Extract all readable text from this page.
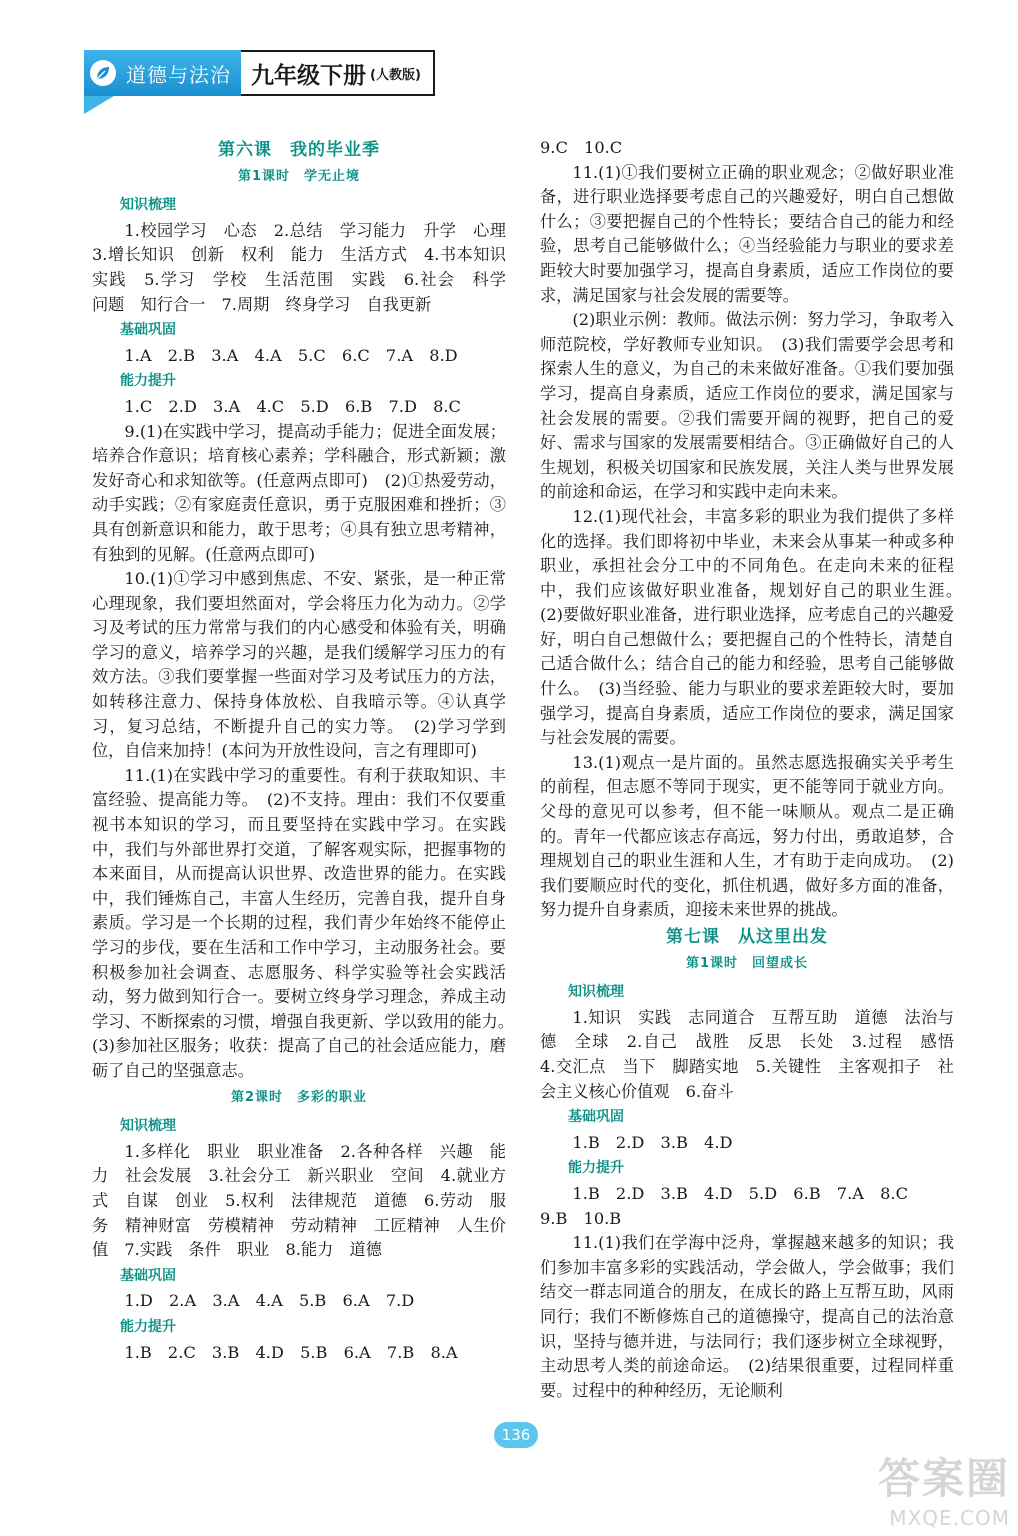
道德与法治 九年级下册 (人教版)
第六课　我的毕业季
第1课时　学无止境
知识梳理

1.校园学习　心态　2.总结　学习能力　升学　心理　3.增长知识　创新　权利　能力　生活方式　4.书本知识　实践　5.学习　学校　生活范围　实践　6.社会　科学　问题　知行合一　7.周期　终身学习　自我更新

基础巩固

1.A　2.B　3.A　4.A　5.C　6.C　7.A　8.D

能力提升

1.C　2.D　3.A　4.C　5.D　6.B　7.D　8.C

9.(1)在实践中学习，提高动手能力；促进全面发展；培养合作意识；培育核心素养；学科融合，形式新颖；激发好奇心和求知欲等。(任意两点即可)　(2)①热爱劳动，动手实践；②有家庭责任意识，勇于克服困难和挫折；③具有创新意识和能力，敢于思考；④具有独立思考精神，有独到的见解。(任意两点即可)

10.(1)①学习中感到焦虑、不安、紧张，是一种正常心理现象，我们要坦然面对，学会将压力化为动力。②学习及考试的压力常常与我们的内心感受和体验有关，明确学习的意义，培养学习的兴趣，是我们缓解学习压力的有效方法。③我们要掌握一些面对学习及考试压力的方法，如转移注意力、保持身体放松、自我暗示等。④认真学习，复习总结，不断提升自己的实力等。　(2)学习学到位，自信来加持！(本问为开放性设问，言之有理即可)

11.(1)在实践中学习的重要性。有利于获取知识、丰富经验、提高能力等。　(2)不支持。理由：我们不仅要重视书本知识的学习，而且要坚持在实践中学习。在实践中，我们与外部世界打交道，了解客观实际，把握事物的本来面目，从而提高认识世界、改造世界的能力。在实践中，我们锤炼自己，丰富人生经历，完善自我，提升自身素质。学习是一个长期的过程，我们青少年始终不能停止学习的步伐，要在生活和工作中学习，主动服务社会。要积极参加社会调查、志愿服务、科学实验等社会实践活动，努力做到知行合一。要树立终身学习理念，养成主动学习、不断探索的习惯，增强自我更新、学以致用的能力。　(3)参加社区服务；收获：提高了自己的社会适应能力，磨砺了自己的坚强意志。

第2课时　多彩的职业
知识梳理

1.多样化　职业　职业准备　2.各种各样　兴趣　能力　社会发展　3.社会分工　新兴职业　空间　4.就业方式　自谋　创业　5.权利　法律规范　道德　6.劳动　服务　精神财富　劳模精神　劳动精神　工匠精神　人生价值　7.实践　条件　职业　8.能力　道德

基础巩固

1.D　2.A　3.A　4.A　5.B　6.A　7.D

能力提升

1.B　2.C　3.B　4.D　5.B　6.A　7.B　8.A

9.C　10.C

11.(1)①我们要树立正确的职业观念；②做好职业准备，进行职业选择要考虑自己的兴趣爱好，明白自己想做什么；③要把握自己的个性特长；要结合自己的能力和经验，思考自己能够做什么；④当经验能力与职业的要求差距较大时要加强学习，提高自身素质，适应工作岗位的要求，满足国家与社会发展的需要等。

(2)职业示例：教师。做法示例：努力学习，争取考入师范院校，学好教师专业知识。　(3)我们需要学会思考和探索人生的意义，为自己的未来做好准备。①我们要加强学习，提高自身素质，适应工作岗位的要求，满足国家与社会发展的需要。②我们需要开阔的视野，把自己的爱好、需求与国家的发展需要相结合。③正确做好自己的人生规划，积极关切国家和民族发展，关注人类与世界发展的前途和命运，在学习和实践中走向未来。

12.(1)现代社会，丰富多彩的职业为我们提供了多样化的选择。我们即将初中毕业，未来会从事某一种或多种职业，承担社会分工中的不同角色。在走向未来的征程中，我们应该做好职业准备，规划好自己的职业生涯。　(2)要做好职业准备，进行职业选择，应考虑自己的兴趣爱好，明白自己想做什么；要把握自己的个性特长，清楚自己适合做什么；结合自己的能力和经验，思考自己能够做什么。　(3)当经验、能力与职业的要求差距较大时，要加强学习，提高自身素质，适应工作岗位的要求，满足国家与社会发展的需要。

13.(1)观点一是片面的。虽然志愿选报确实关乎考生的前程，但志愿不等同于现实，更不能等同于就业方向。父母的意见可以参考，但不能一味顺从。观点二是正确的。青年一代都应该志存高远，努力付出，勇敢追梦，合理规划自己的职业生涯和人生，才有助于走向成功。　(2)我们要顺应时代的变化，抓住机遇，做好多方面的准备，努力提升自身素质，迎接未来世界的挑战。

第七课　从这里出发
第1课时　回望成长
知识梳理

1.知识　实践　志同道合　互帮互助　道德　法治与德　全球　2.自己　战胜　反思　长处　3.过程　感悟　4.交汇点　当下　脚踏实地　5.关键性　主客观扣子　社会主义核心价值观　6.奋斗

基础巩固

1.B　2.D　3.B　4.D

能力提升

1.B　2.D　3.B　4.D　5.D　6.B　7.A　8.C

9.B　10.B

11.(1)我们在学海中泛舟，掌握越来越多的知识；我们参加丰富多彩的实践活动，学会做人，学会做事；我们结交一群志同道合的朋友，在成长的路上互帮互助，风雨同行；我们不断修炼自己的道德操守，提高自己的法治意识，坚持与德并进，与法同行；我们逐步树立全球视野，主动思考人类的前途命运。　(2)结果很重要，过程同样重要。过程中的种种经历，无论顺利

136
答案圈
MXQE.COM
